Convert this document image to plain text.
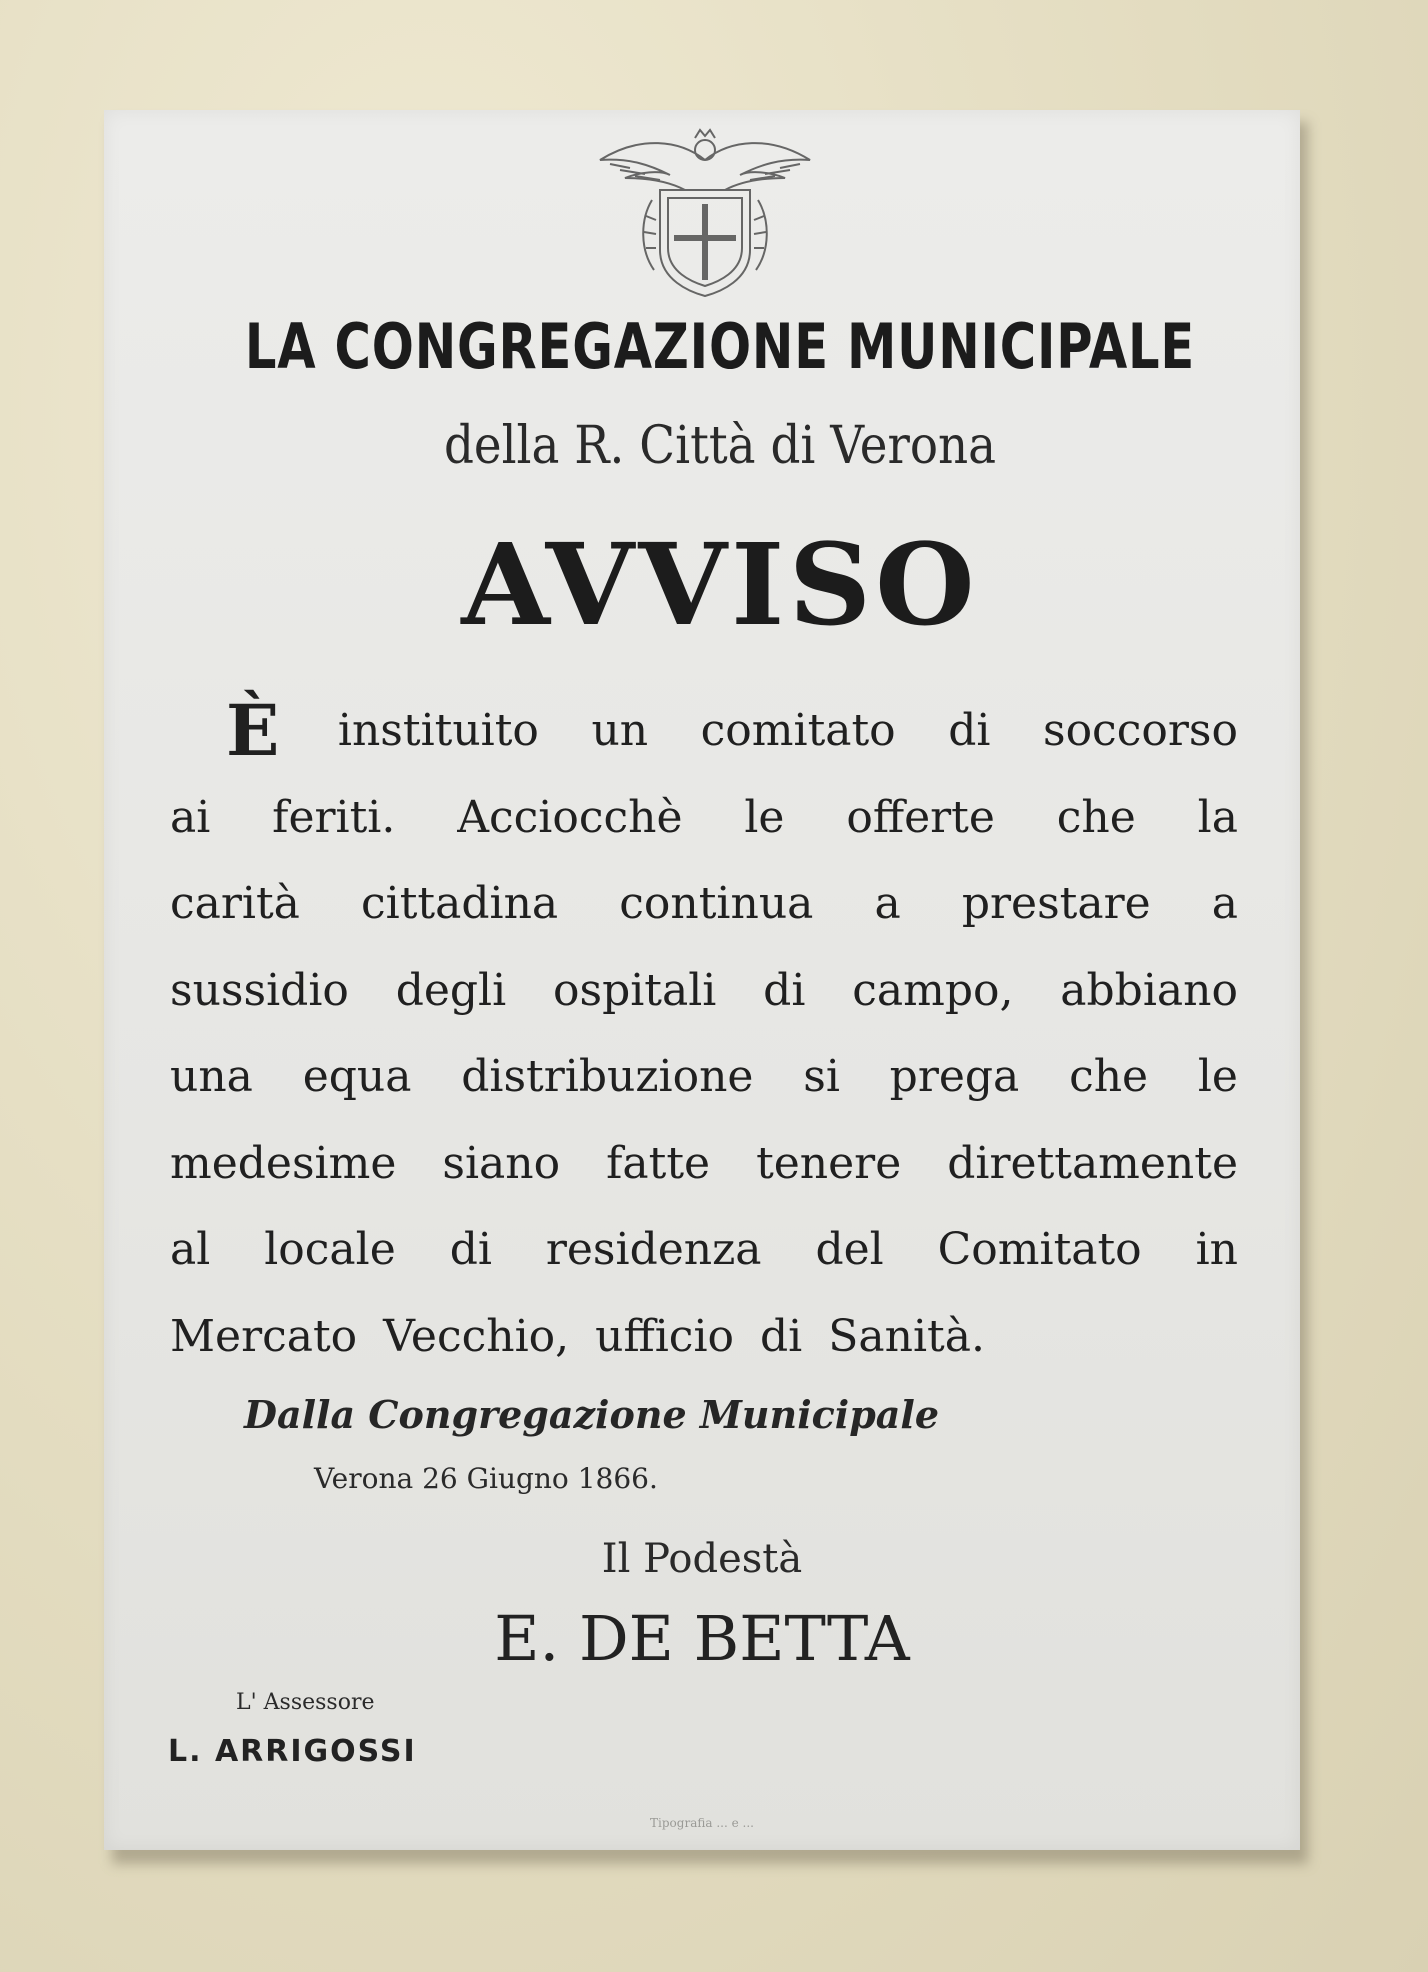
LA CONGREGAZIONE MUNICIPALE
della R. Città di Verona
AVVISO
È instituito un comitato di soccorso
ai feriti. Acciocchè le offerte che la
carità cittadina continua a prestare a
sussidio degli ospitali di campo, abbiano
una equa distribuzione si prega che le
medesime siano fatte tenere direttamente
al locale di residenza del Comitato in
Mercato Vecchio, ufficio di Sanità.
Dalla Congregazione Municipale
Verona 26 Giugno 1866.
Il Podestà
E. DE BETTA
L' Assessore
L. ARRIGOSSI
Tipografia ... e ...
